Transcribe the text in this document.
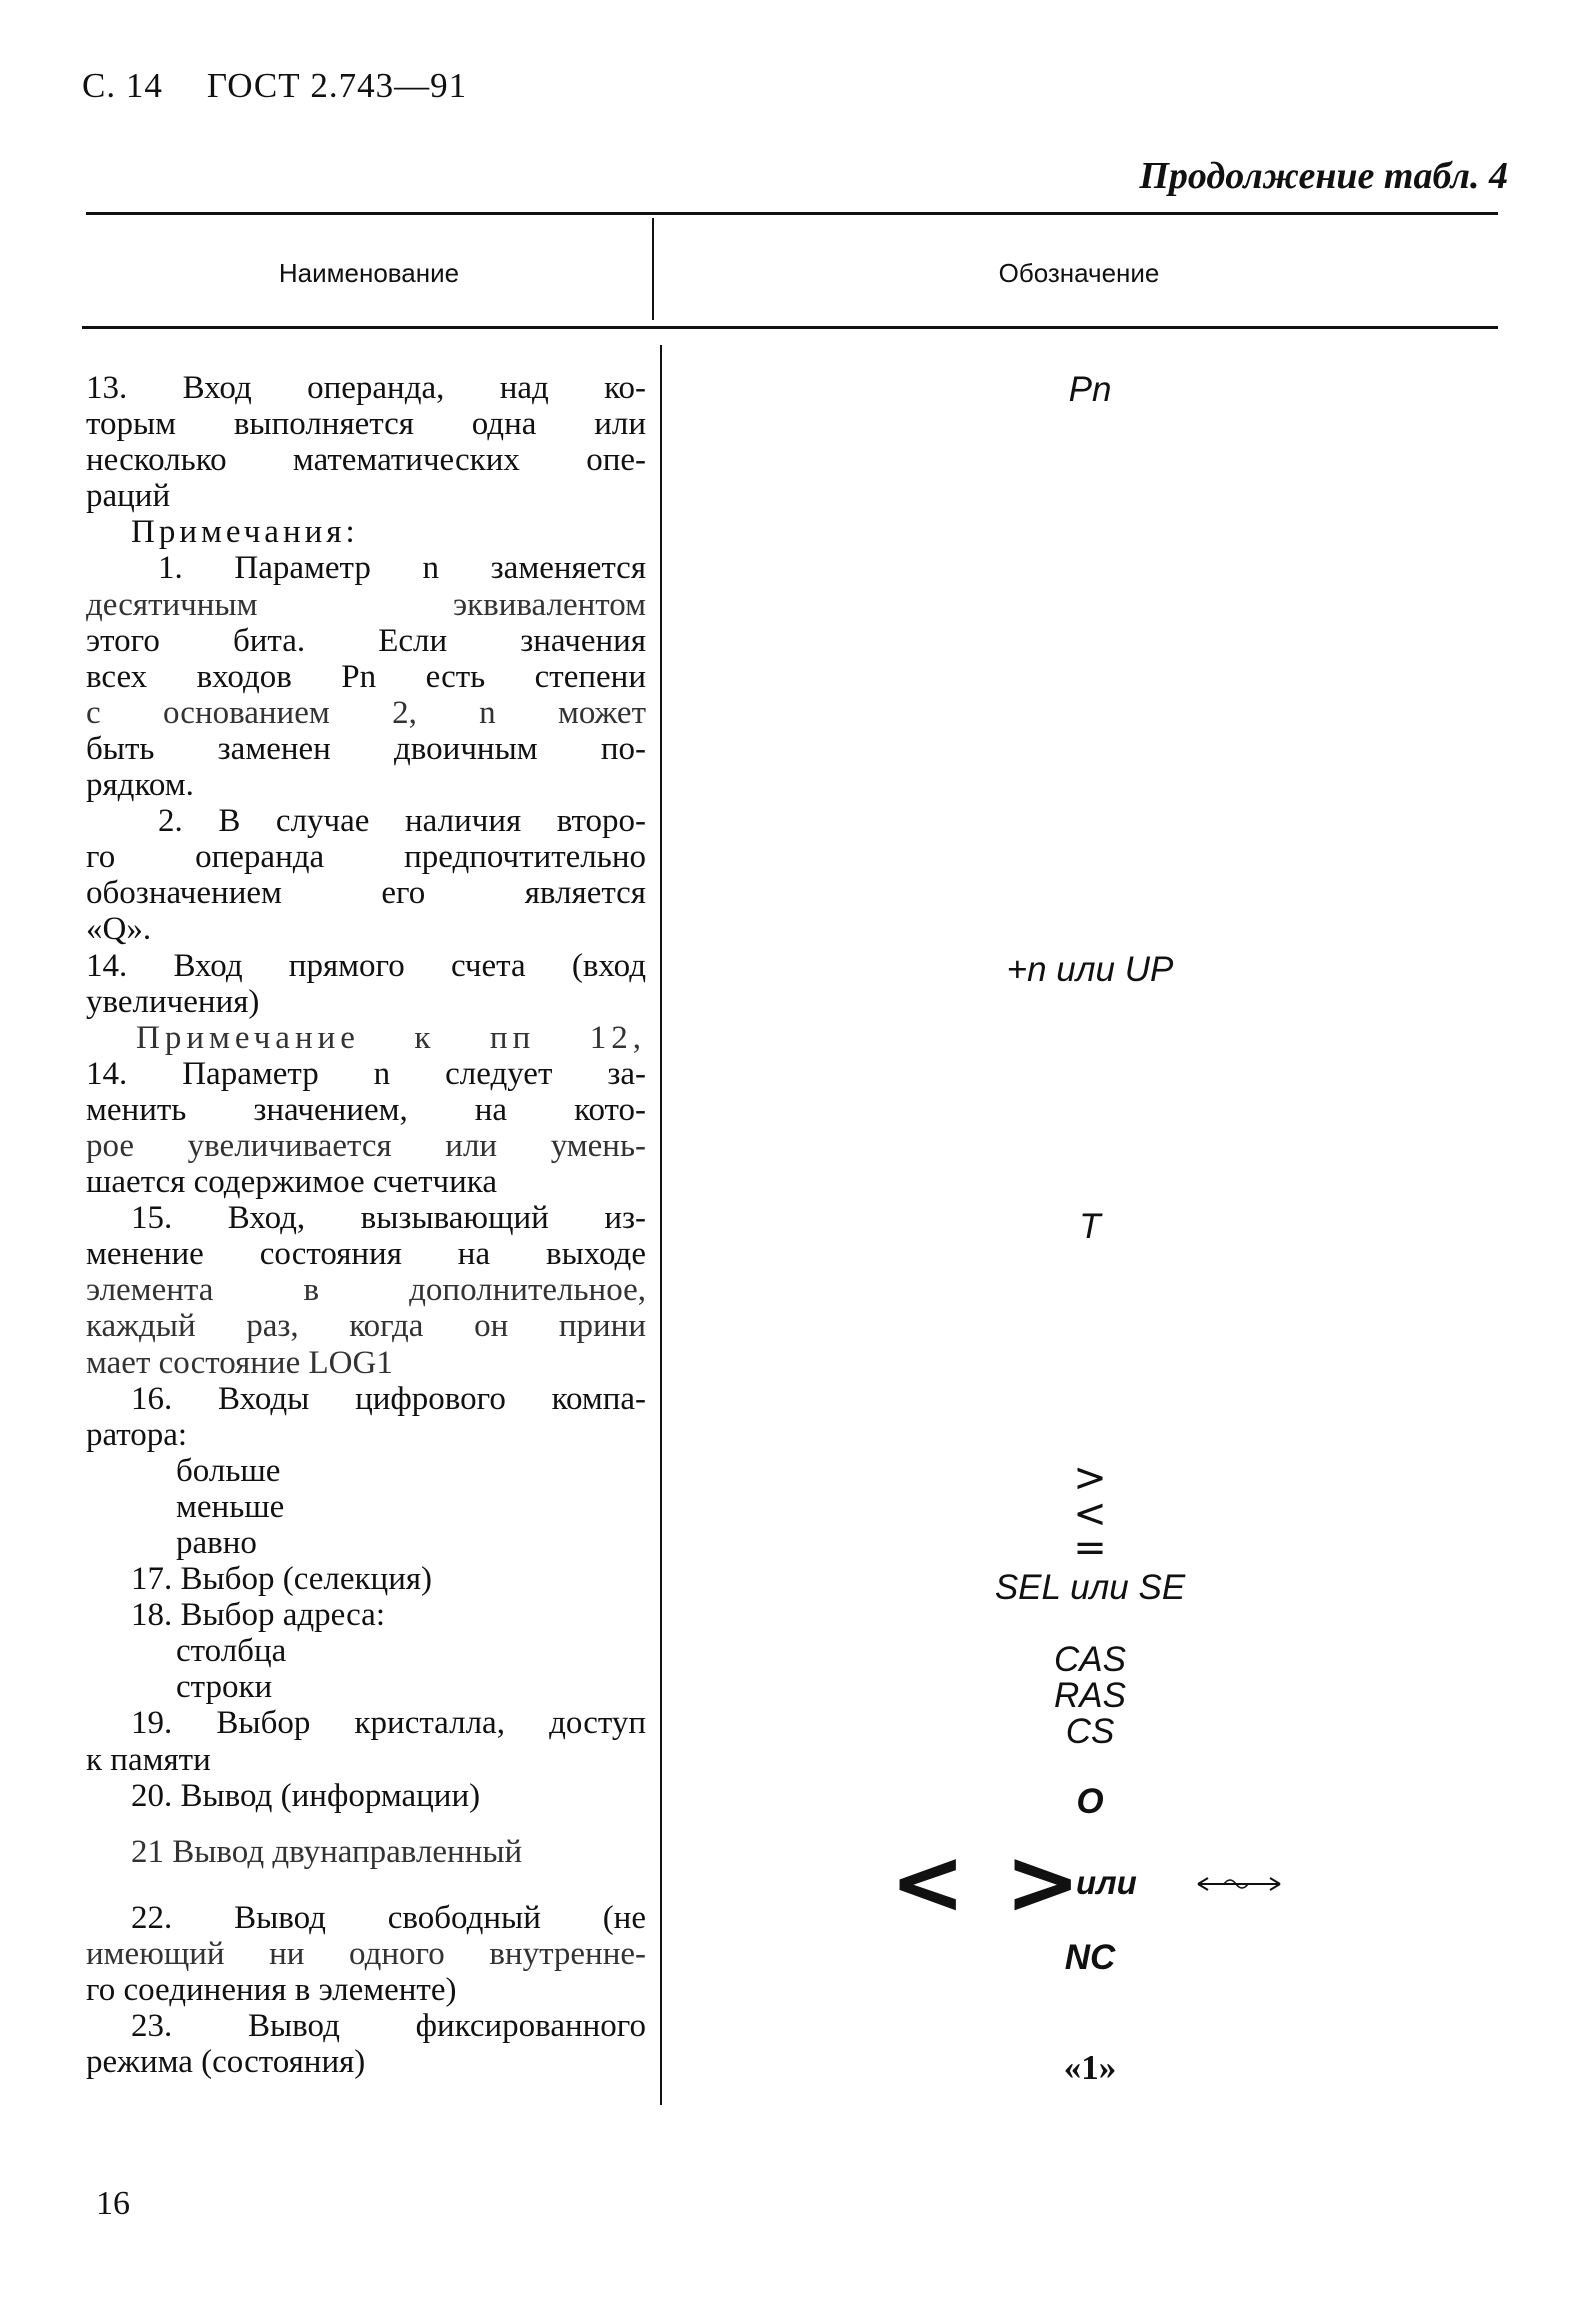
С. 14 ГОСТ 2.743—91
Продолжение табл. 4
Наименование	Обозначение
13. Вход операнда, над ко-
торым выполняется одна или
несколько математических опе-
раций
Примечания:
1. Параметр n заменяется
десятичным эквивалентом
этого бита. Если значения
всех входов Pn есть степени
с основанием 2, n может
быть заменен двоичным по-
рядком.
2. В случае наличия второ-
го операнда предпочтительно
обозначением его является
«Q».
14. Вход прямого счета (вход
увеличения)
Примечание к пп 12,
14. Параметр n следует за-
менить значением, на кото-
рое увеличивается или умень-
шается содержимое счетчика
15. Вход, вызывающий из-
менение состояния на выходе
элемента в дополнительное,
каждый раз, когда он прини
мает состояние LOG1
16. Входы цифрового компа-
ратора:
больше
меньше
равно
17. Выбор (селекция)
18. Выбор адреса:
столбца
строки
19. Выбор кристалла, доступ
к памяти
20. Вывод (информации)
21 Вывод двунаправленный
22. Вывод свободный (не
имеющий ни одного внутренне-
го соединения в элементе)
23. Вывод фиксированного
режима (состояния)
Pn
+n или UP
T
>
<
=
SEL или SE
CAS
RAS
CS
O
< >
или
NC
«1»
16
